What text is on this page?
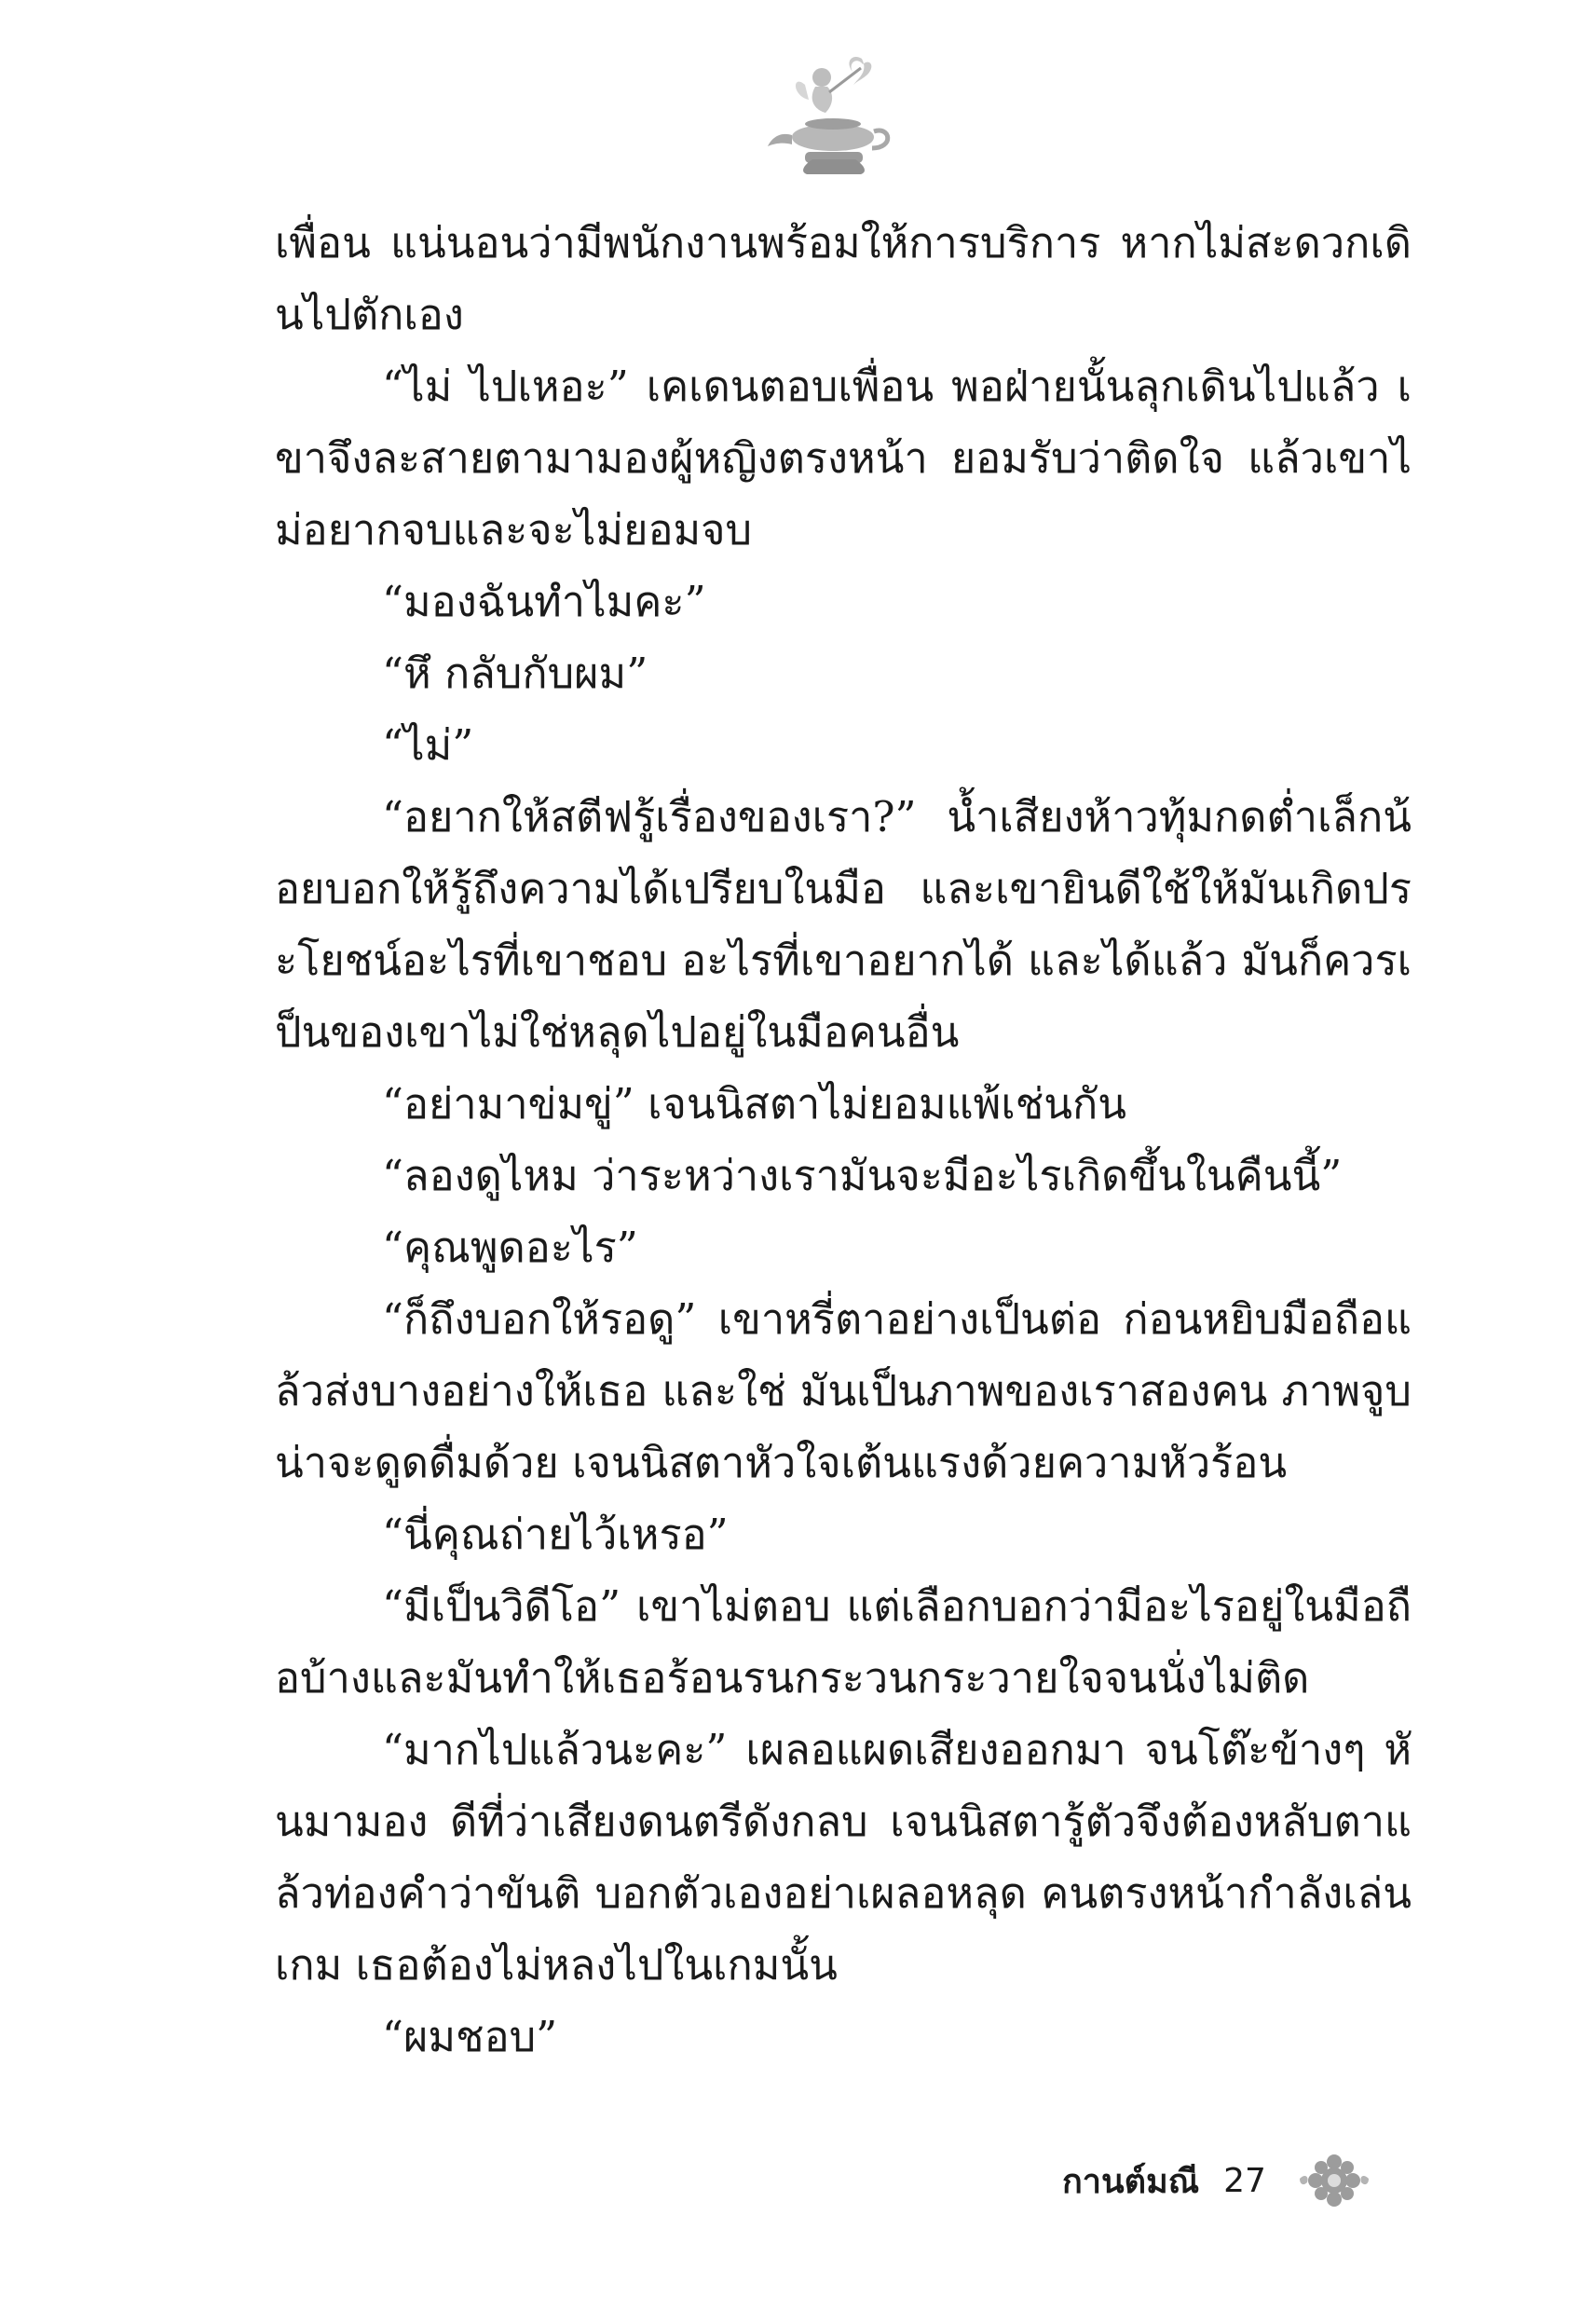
เพื่อน แน่นอนว่ามีพนักงานพร้อมให้การบริการ หากไม่สะดวกเดินไปตักเอง

“ไม่ ไปเหอะ” เคเดนตอบเพื่อน พอฝ่ายนั้นลุกเดินไปแล้ว เขาจึงละสายตามามองผู้หญิงตรงหน้า ยอมรับว่าติดใจ แล้วเขาไม่อยากจบและจะไม่ยอมจบ

“มองฉันทำไมคะ”

“หึ กลับกับผม”

“ไม่”

“อยากให้สตีฟรู้เรื่องของเรา?” น้ำเสียงห้าวทุ้มกดต่ำเล็กน้อยบอกให้รู้ถึงความได้เปรียบในมือ และเขายินดีใช้ให้มันเกิดประโยชน์อะไรที่เขาชอบ อะไรที่เขาอยากได้ และได้แล้ว มันก็ควรเป็นของเขาไม่ใช่หลุดไปอยู่ในมือคนอื่น

“อย่ามาข่มขู่” เจนนิสตาไม่ยอมแพ้เช่นกัน

“ลองดูไหม ว่าระหว่างเรามันจะมีอะไรเกิดขึ้นในคืนนี้”

“คุณพูดอะไร”

“ก็ถึงบอกให้รอดู” เขาหรี่ตาอย่างเป็นต่อ ก่อนหยิบมือถือแล้วส่งบางอย่างให้เธอ และใช่ มันเป็นภาพของเราสองคน ภาพจูบ น่าจะดูดดื่มด้วย เจนนิสตาหัวใจเต้นแรงด้วยความหัวร้อน

“นี่คุณถ่ายไว้เหรอ”

“มีเป็นวิดีโอ” เขาไม่ตอบ แต่เลือกบอกว่ามีอะไรอยู่ในมือถือบ้างและมันทำให้เธอร้อนรนกระวนกระวายใจจนนั่งไม่ติด

“มากไปแล้วนะคะ” เผลอแผดเสียงออกมา จนโต๊ะข้างๆ หันมามอง ดีที่ว่าเสียงดนตรีดังกลบ เจนนิสตารู้ตัวจึงต้องหลับตาแล้วท่องคำว่าขันติ บอกตัวเองอย่าเผลอหลุด คนตรงหน้ากำลังเล่นเกม เธอต้องไม่หลงไปในเกมนั้น

“ผมชอบ”

กานต์มณี 27
